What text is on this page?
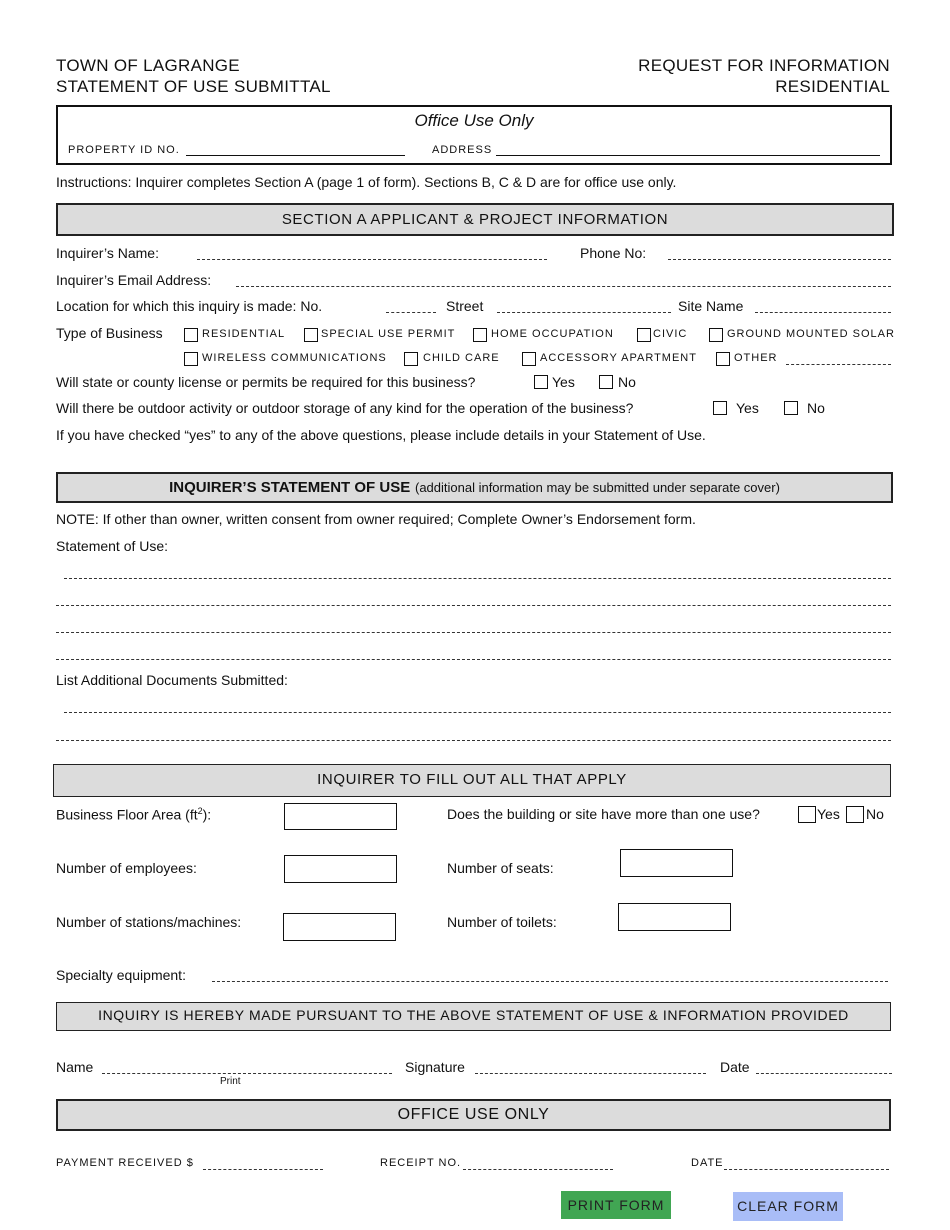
TOWN OF LAGRANGE
STATEMENT OF USE SUBMITTAL
REQUEST FOR INFORMATION
RESIDENTIAL
Office Use Only
PROPERTY ID NO.	ADDRESS
Instructions: Inquirer completes Section A (page 1 of form). Sections B, C & D are for office use only.
SECTION A APPLICANT & PROJECT INFORMATION
Inquirer’s Name:	Phone No:
Inquirer’s Email Address:
Location for which this inquiry is made: No.	Street	Site Name
Type of Business	RESIDENTIAL	SPECIAL USE PERMIT	HOME OCCUPATION	CIVIC	GROUND MOUNTED SOLAR
WIRELESS COMMUNICATIONS	CHILD CARE	ACCESSORY APARTMENT	OTHER
Will state or county license or permits be required for this business?	Yes	No
Will there be outdoor activity or outdoor storage of any kind for the operation of the business?	Yes	No
If you have checked “yes” to any of the above questions, please include details in your Statement of Use.
INQUIRER’S STATEMENT OF USE (additional information may be submitted under separate cover)
NOTE: If other than owner, written consent from owner required; Complete Owner’s Endorsement form.
Statement of Use:
List Additional Documents Submitted:
INQUIRER TO FILL OUT ALL THAT APPLY
Business Floor Area $(ft^2)$:	Does the building or site have more than one use?	Yes No
Number of employees:	Number of seats:
Number of stations/machines:	Number of toilets:
Specialty equipment:
INQUIRY IS HEREBY MADE PURSUANT TO THE ABOVE STATEMENT OF USE & INFORMATION PROVIDED
Name
Print
Signature	Date
OFFICE USE ONLY
PAYMENT RECEIVED $	RECEIPT NO.	DATE
PRINT FORM	CLEAR FORM
